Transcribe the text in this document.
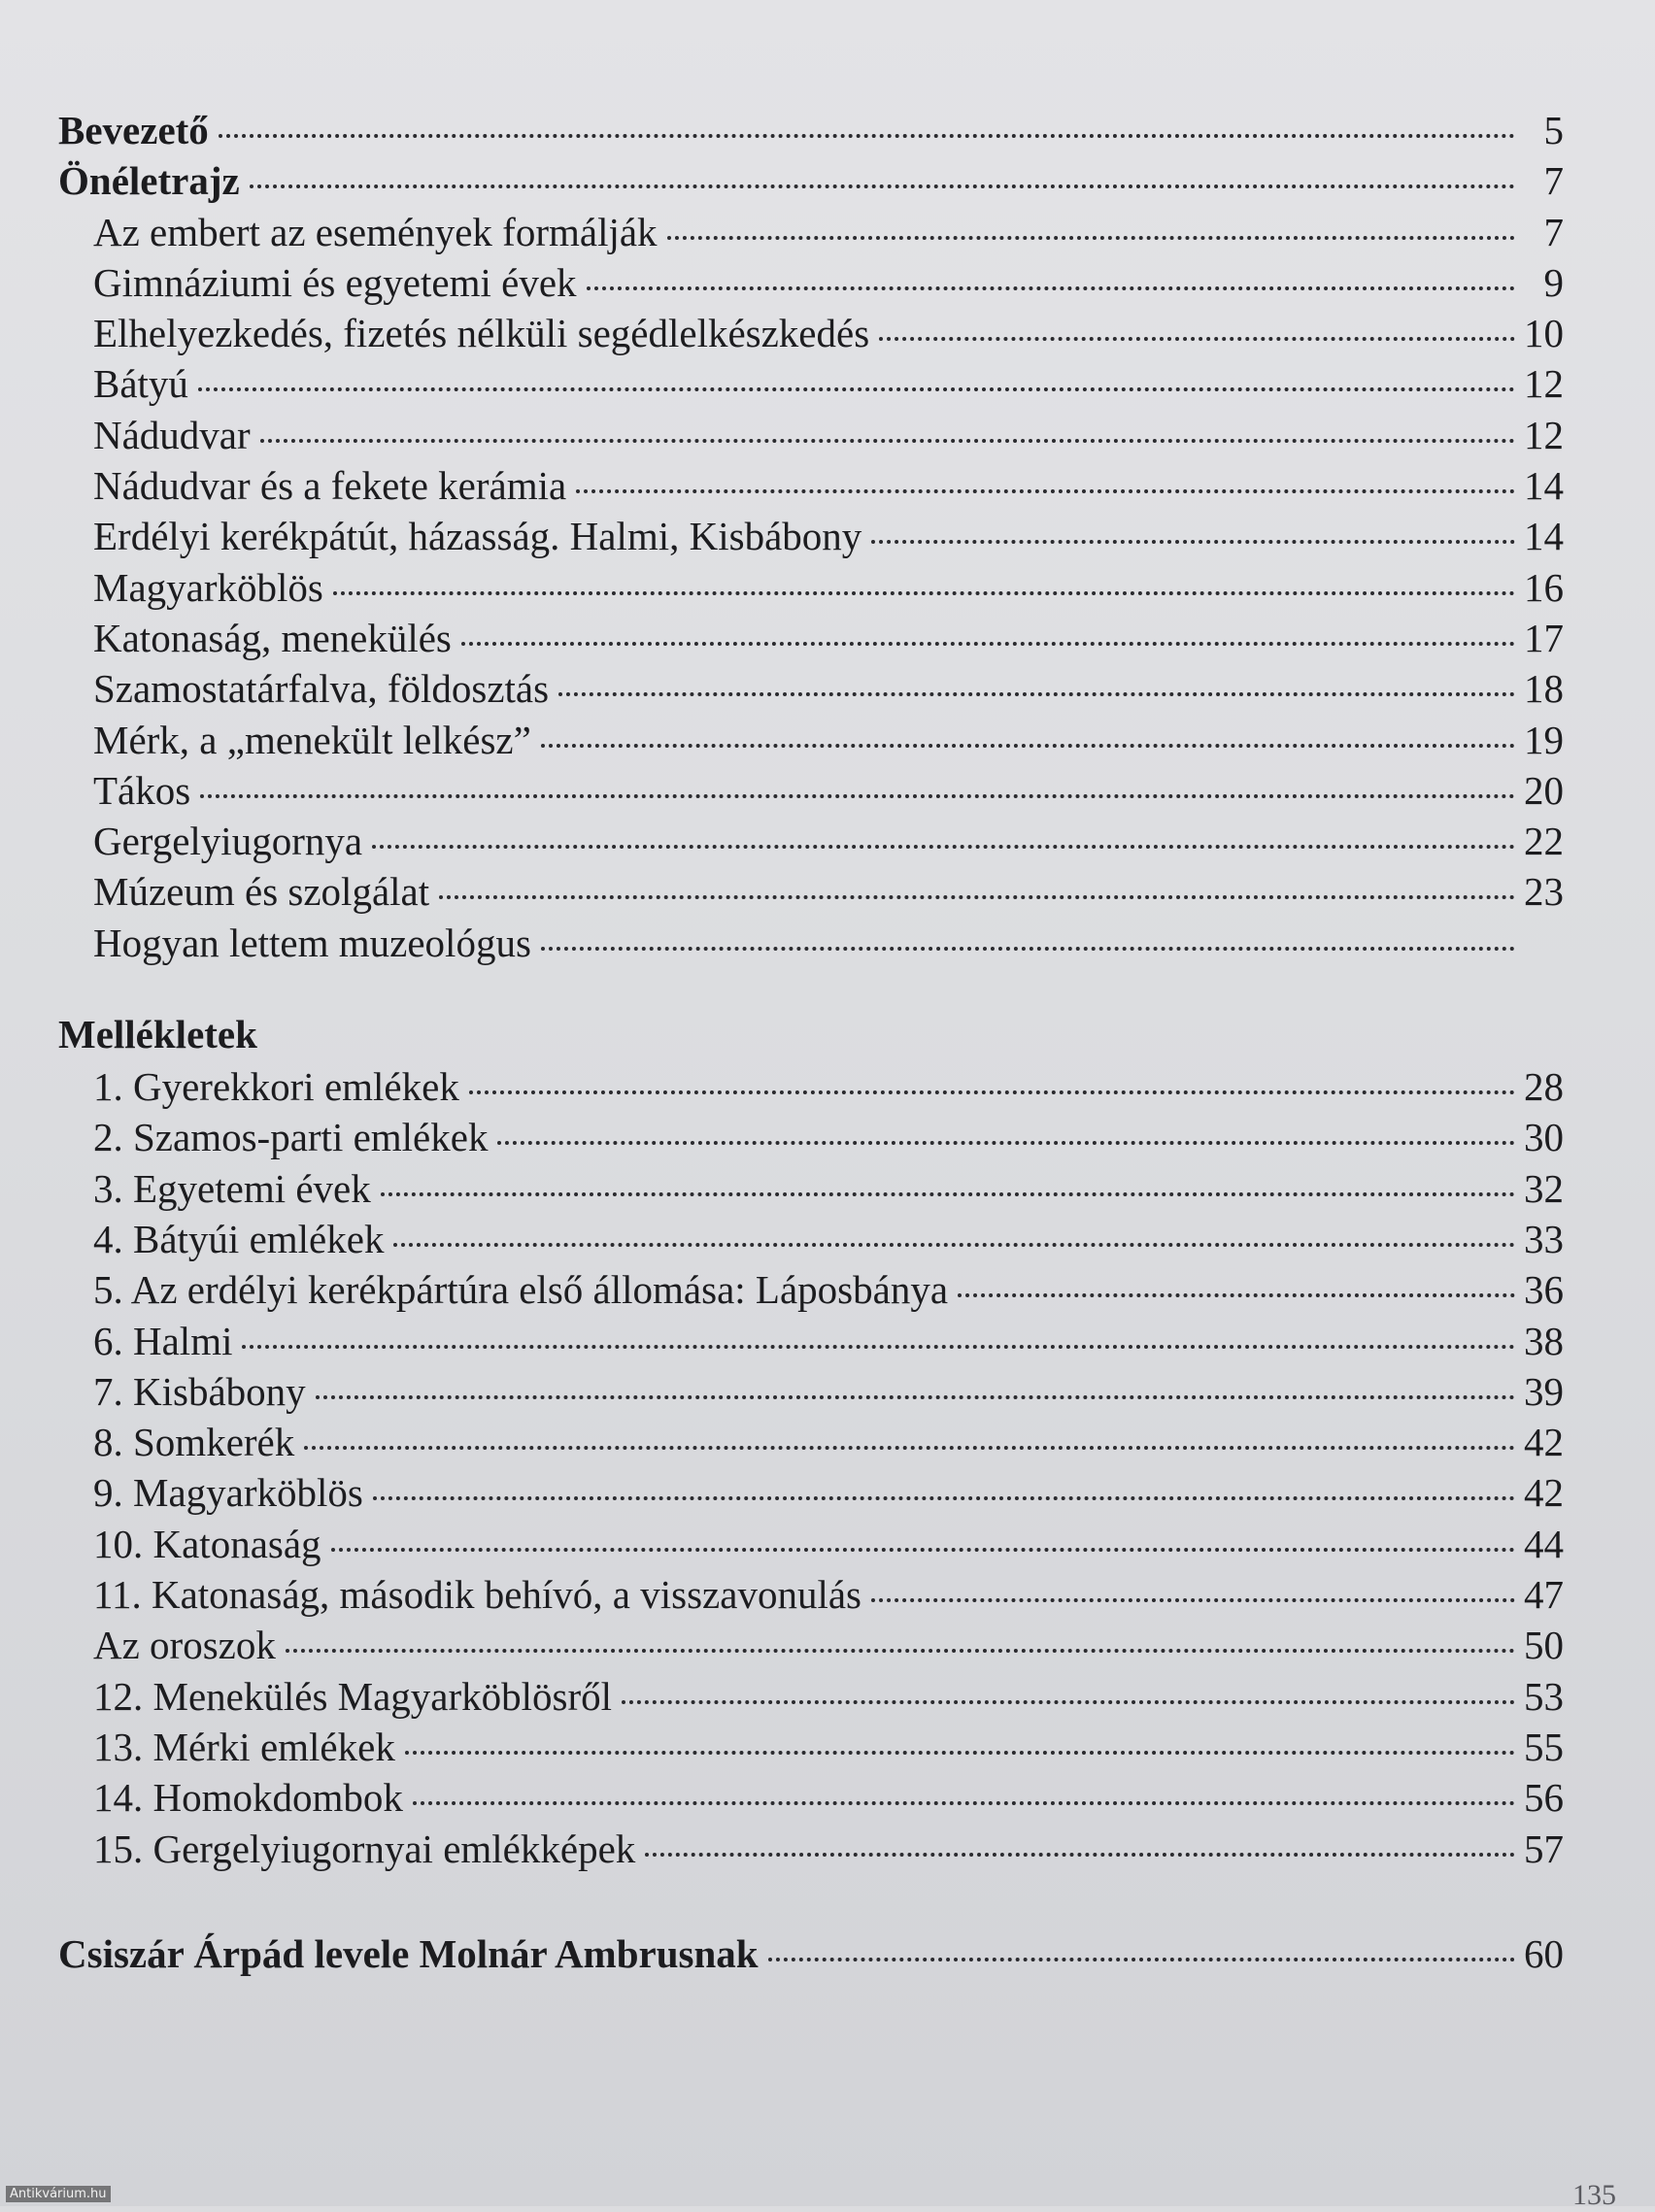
Bevezető	5
Önéletrajz	7
Az embert az események formálják	7
Gimnáziumi és egyetemi évek	9
Elhelyezkedés, fizetés nélküli segédlelkészkedés	10
Bátyú	12
Nádudvar	12
Nádudvar és a fekete kerámia	14
Erdélyi kerékpátút, házasság. Halmi, Kisbábony	14
Magyarköblös	16
Katonaság, menekülés	17
Szamostatárfalva, földosztás	18
Mérk, a „menekült lelkész”	19
Tákos	20
Gergelyiugornya	22
Múzeum és szolgálat	23
Hogyan lettem muzeológus
Mellékletek
1. Gyerekkori emlékek	28
2. Szamos-parti emlékek	30
3. Egyetemi évek	32
4. Bátyúi emlékek	33
5. Az erdélyi kerékpártúra első állomása: Láposbánya	36
6. Halmi	38
7. Kisbábony	39
8. Somkerék	42
9. Magyarköblös	42
10. Katonaság	44
11. Katonaság, második behívó, a visszavonulás	47
Az oroszok	50
12. Menekülés Magyarköblösről	53
13. Mérki emlékek	55
14. Homokdombok	56
15. Gergelyiugornyai emlékképek	57
Csiszár Árpád levele Molnár Ambrusnak	60
135
Antikvárium.hu
